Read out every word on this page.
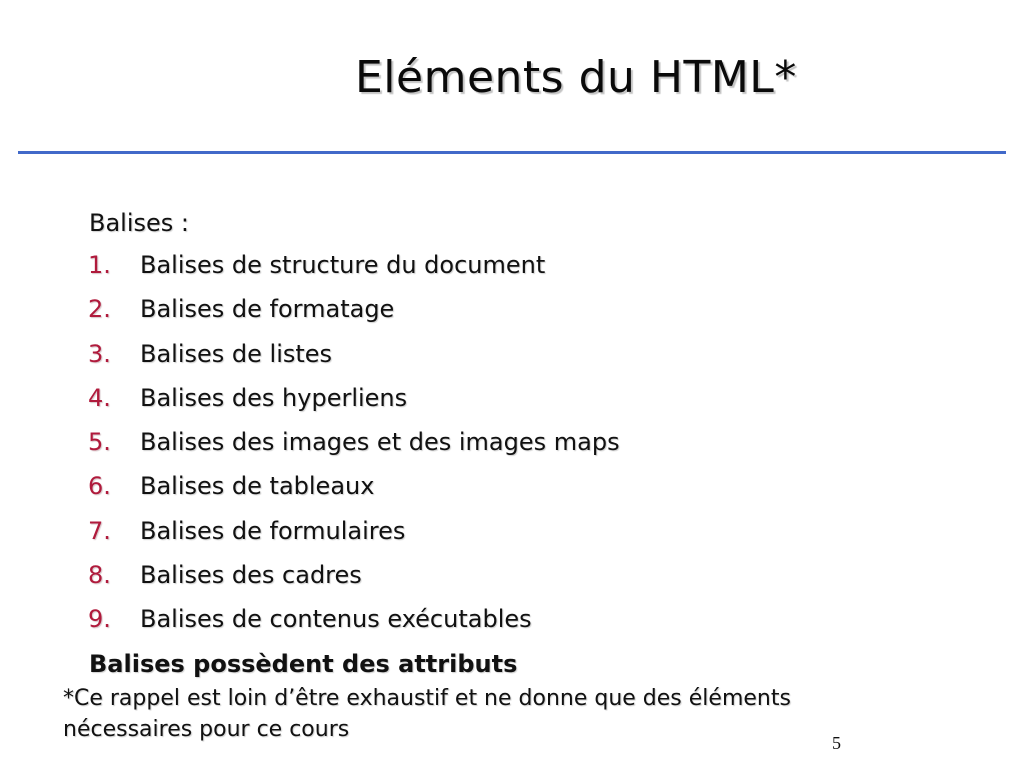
Eléments du HTML*
Balises :
1. Balises de structure du document
2. Balises de formatage
3. Balises de listes
4. Balises des hyperliens
5. Balises des images et des images maps
6. Balises de tableaux
7. Balises de formulaires
8. Balises des cadres
9. Balises de contenus exécutables
Balises possèdent des attributs
*Ce rappel est loin d’être exhaustif et ne donne que des éléments
nécessaires pour ce cours
5
